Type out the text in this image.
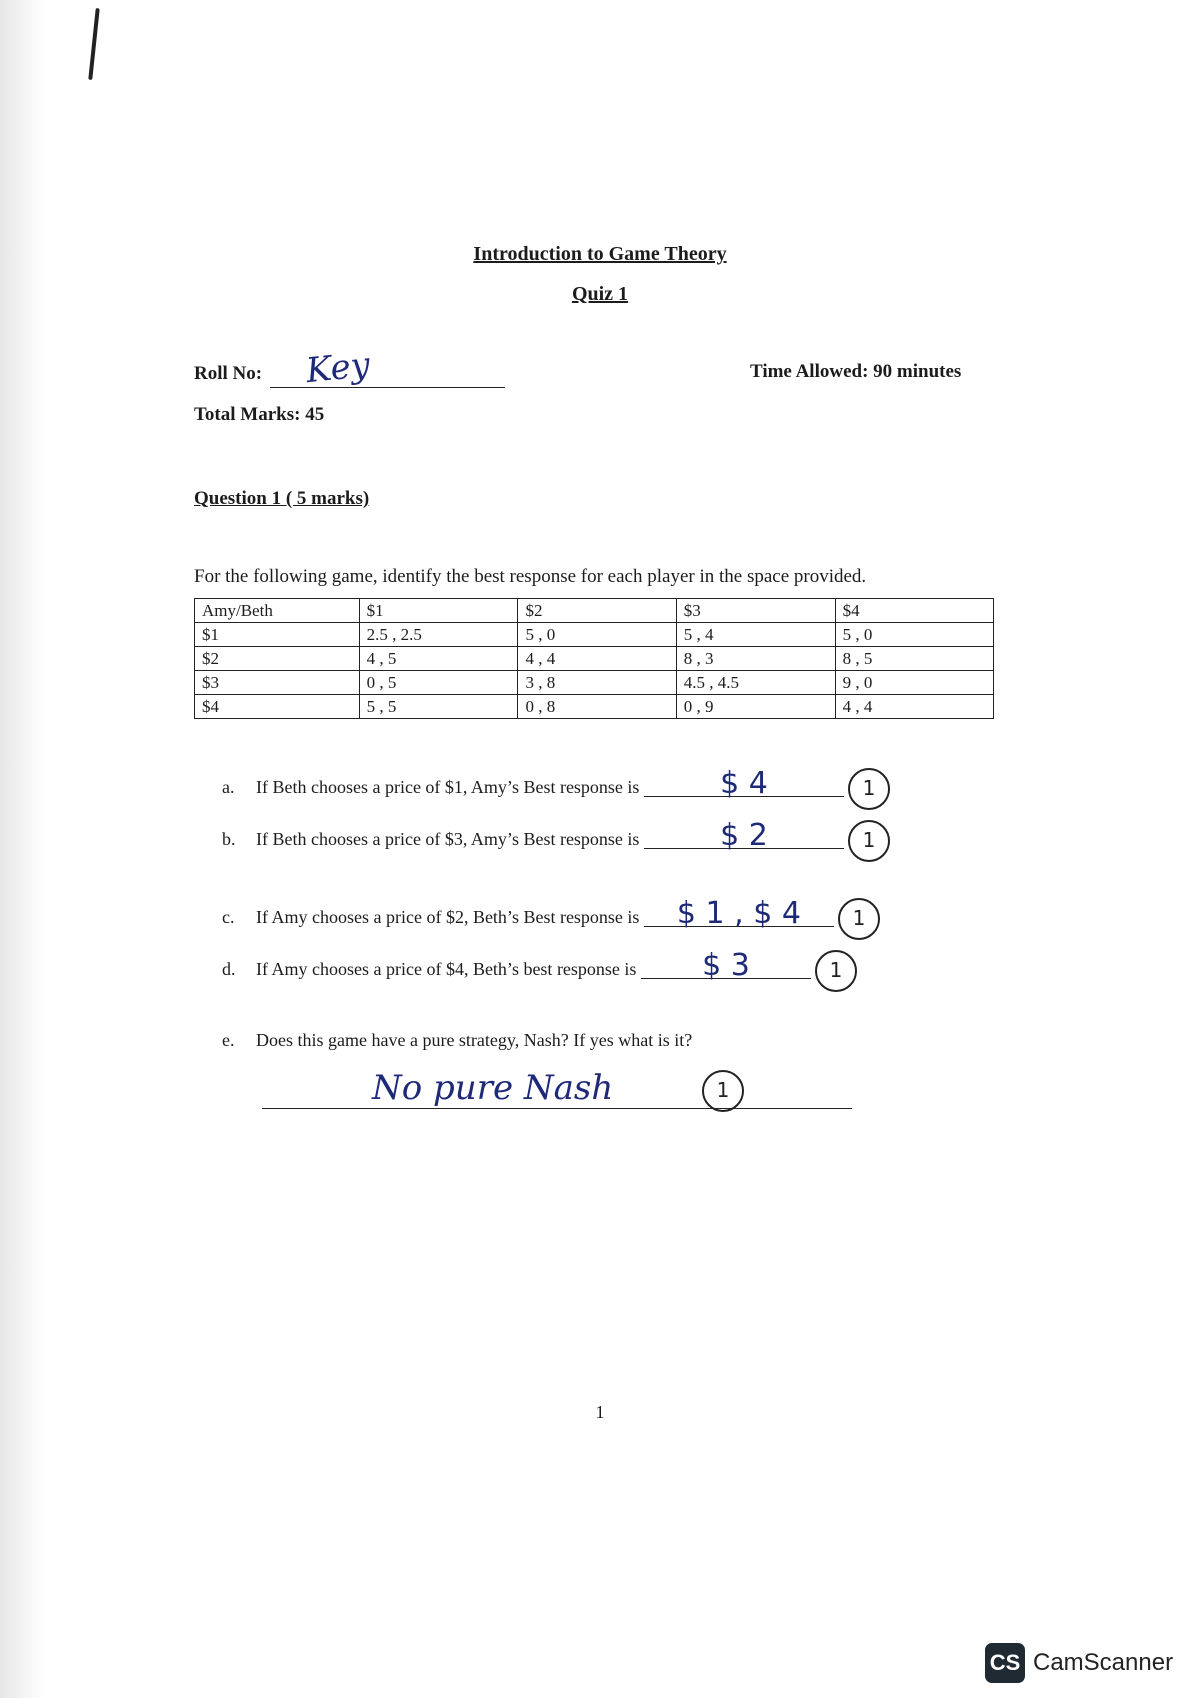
Introduction to Game Theory
Quiz 1
Roll No: Key
Total Marks: 45
Time Allowed: 90 minutes
Question 1 ( 5 marks)
For the following game, identify the best response for each player in the space provided.
Amy/Beth	$1	$2	$3	$4
$1	2.5 , 2.5	5 , 0	5 , 4	5 , 0
$2	4 , 5	4 , 4	8 , 3	8 , 5
$3	0 , 5	3 , 8	4.5 , 4.5	9 , 0
$4	5 , 5	0 , 8	0 , 9	4 , 4
a. If Beth chooses a price of $1, Amy’s Best response is	$ 4	1
b. If Beth chooses a price of $3, Amy’s Best response is	$ 2	1
c. If Amy chooses a price of $2, Beth’s Best response is $ 1 , $ 4	1
d. If Amy chooses a price of $4, Beth’s best response is $ 3	1
e. Does this game have a pure strategy, Nash? If yes what is it?
No pure Nash	1
1
CS CamScanner
